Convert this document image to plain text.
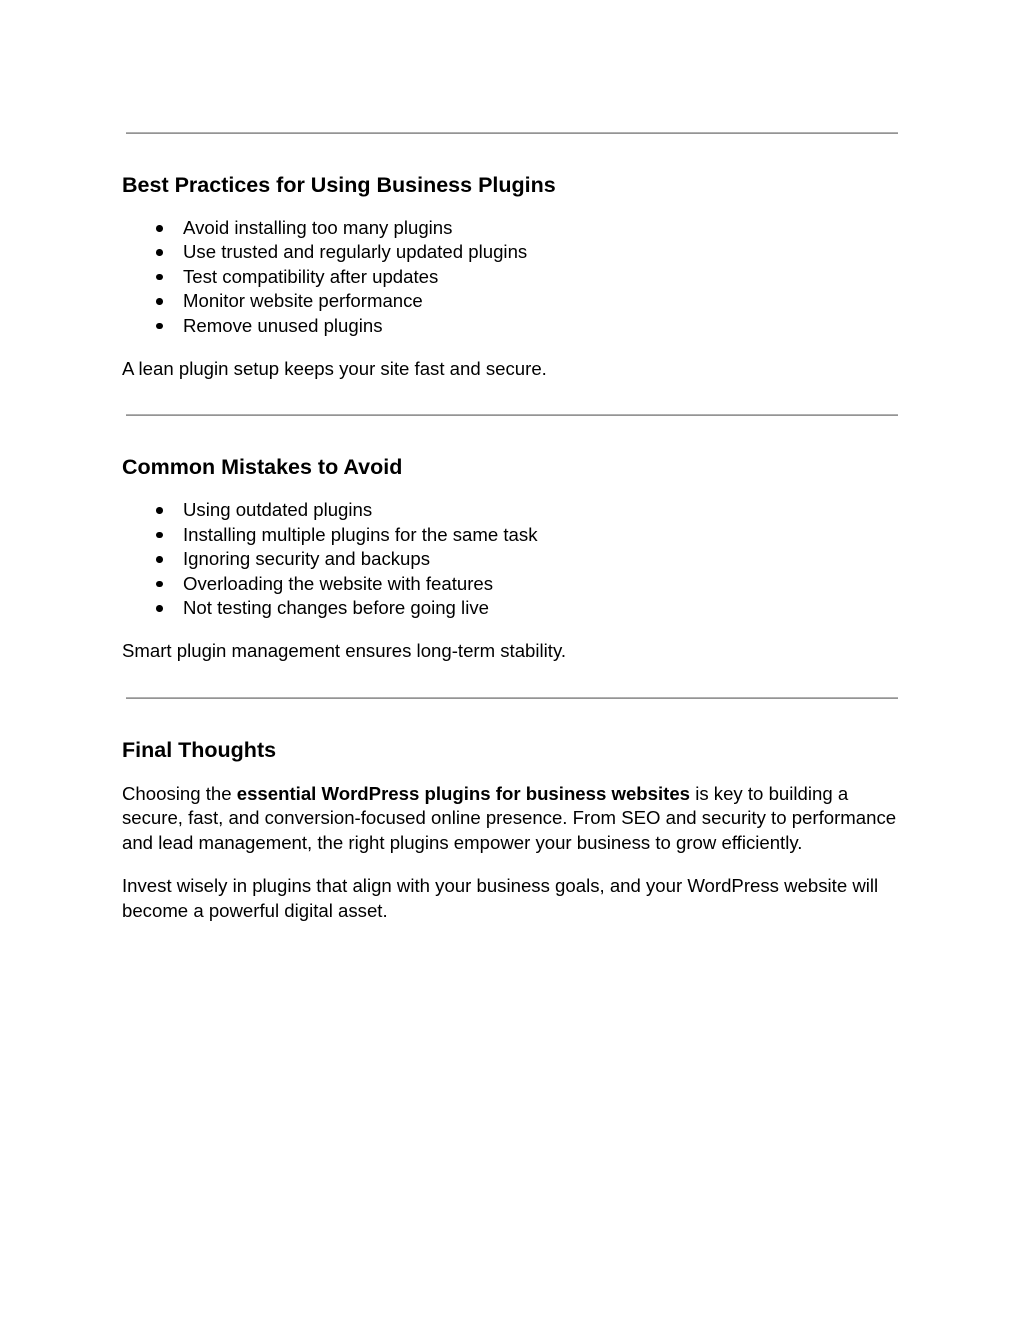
Best Practices for Using Business Plugins
Avoid installing too many plugins
Use trusted and regularly updated plugins
Test compatibility after updates
Monitor website performance
Remove unused plugins

A lean plugin setup keeps your site fast and secure.

Common Mistakes to Avoid
Using outdated plugins
Installing multiple plugins for the same task
Ignoring security and backups
Overloading the website with features
Not testing changes before going live

Smart plugin management ensures long-term stability.

Final Thoughts

Choosing the essential WordPress plugins for business websites is key to building a secure, fast, and conversion-focused online presence. From SEO and security to performance and lead management, the right plugins empower your business to grow efficiently.

Invest wisely in plugins that align with your business goals, and your WordPress website will become a powerful digital asset.
